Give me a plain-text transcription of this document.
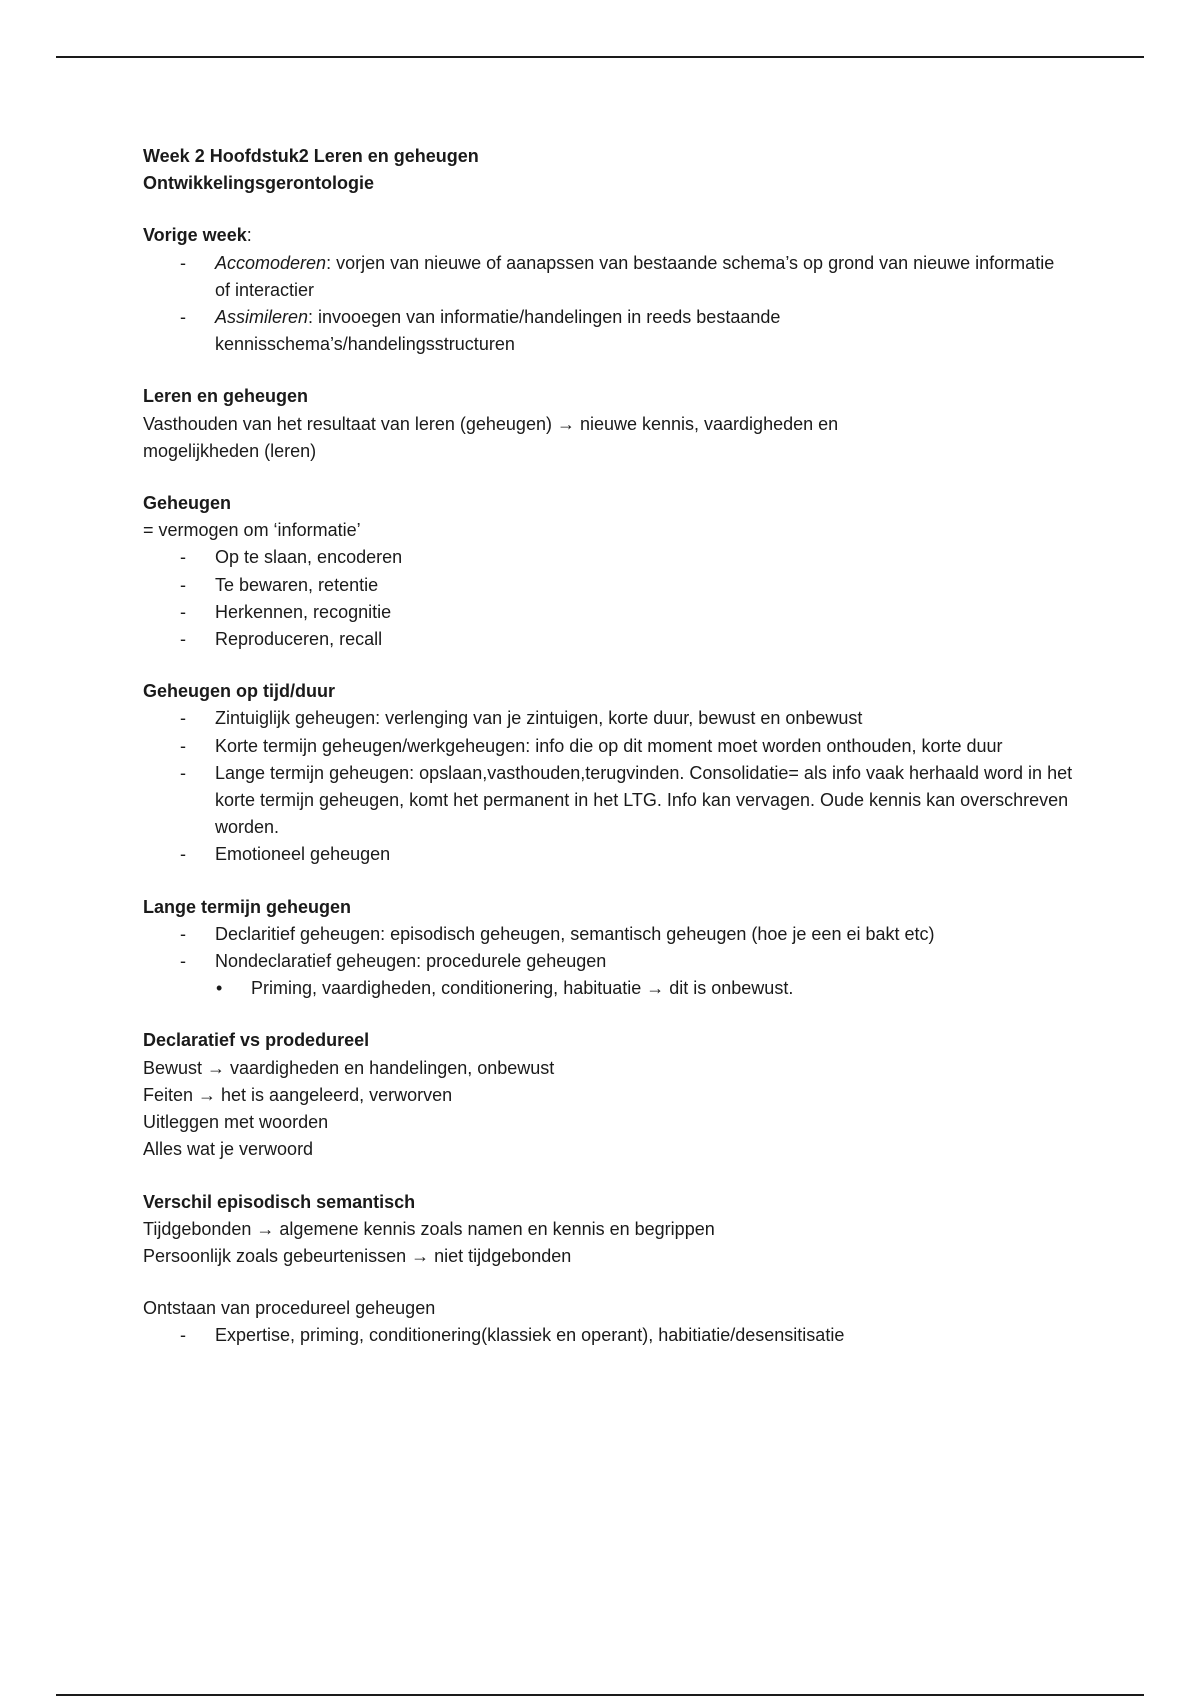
Week 2 Hoofdstuk2 Leren en geheugen
Ontwikkelingsgerontologie
Vorige week:
- Accomoderen: vorjen van nieuwe of aanapssen van bestaande schema’s op grond van nieuwe informatie of interactier
- Assimileren: invooegen van informatie/handelingen in reeds bestaande kennisschema’s/handelingsstructuren
Leren en geheugen
Vasthouden van het resultaat van leren (geheugen) → nieuwe kennis, vaardigheden en
mogelijkheden (leren)
Geheugen
= vermogen om ‘informatie’
- Op te slaan, encoderen
- Te bewaren, retentie
- Herkennen, recognitie
- Reproduceren, recall
Geheugen op tijd/duur
- Zintuiglijk geheugen: verlenging van je zintuigen, korte duur, bewust en onbewust
- Korte termijn geheugen/werkgeheugen: info die op dit moment moet worden onthouden, korte duur
- Lange termijn geheugen: opslaan,vasthouden,terugvinden. Consolidatie= als info vaak herhaald word in het korte termijn geheugen, komt het permanent in het LTG. Info kan vervagen. Oude kennis kan overschreven worden.
- Emotioneel geheugen
Lange termijn geheugen
- Declaritief geheugen: episodisch geheugen, semantisch geheugen (hoe je een ei bakt etc)
- Nondeclaratief geheugen: procedurele geheugen
• Priming, vaardigheden, conditionering, habituatie → dit is onbewust.
Declaratief vs prodedureel
Bewust → vaardigheden en handelingen, onbewust
Feiten → het is aangeleerd, verworven
Uitleggen met woorden
Alles wat je verwoord
Verschil episodisch semantisch
Tijdgebonden → algemene kennis zoals namen en kennis en begrippen
Persoonlijk zoals gebeurtenissen → niet tijdgebonden
Ontstaan van procedureel geheugen
- Expertise, priming, conditionering(klassiek en operant), habitiatie/desensitisatie
